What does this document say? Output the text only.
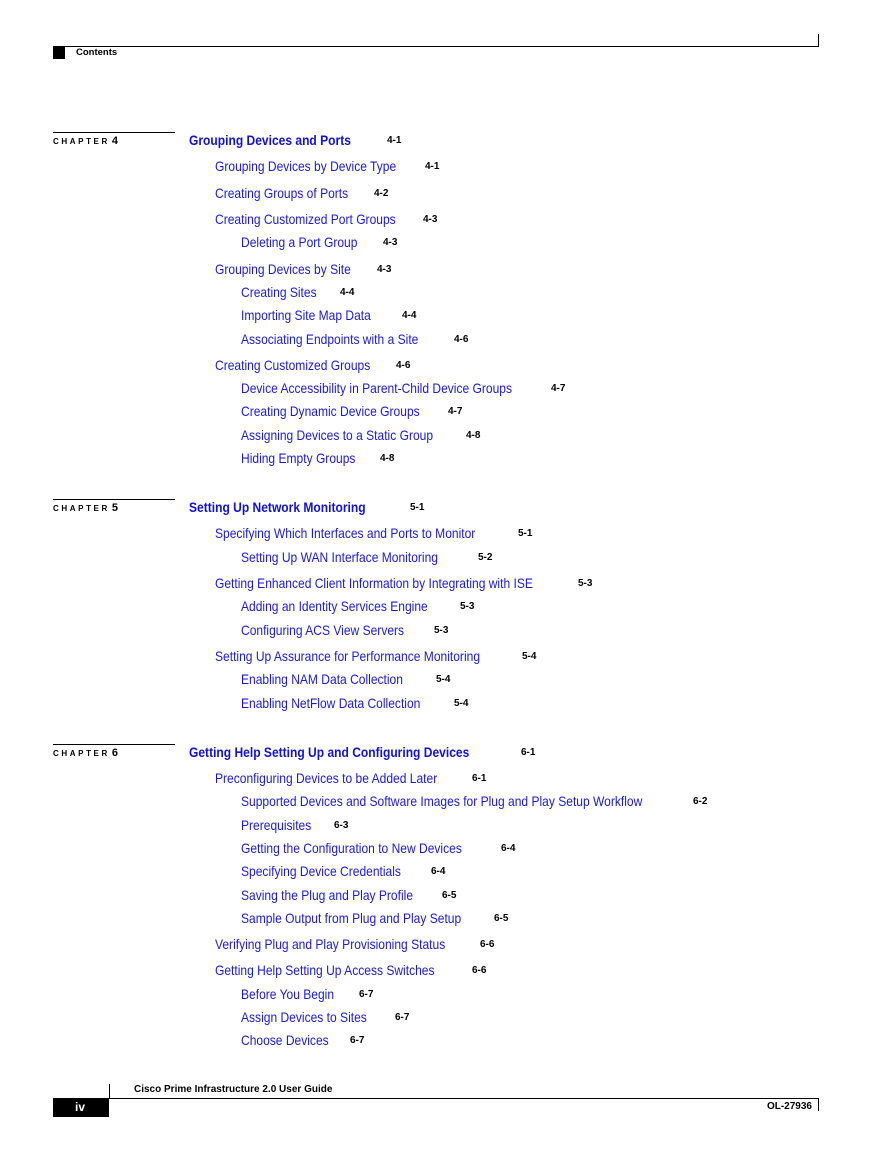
Contents
CHAPTER 4	Grouping Devices and Ports	4-1
Grouping Devices by Device Type	4-1
Creating Groups of Ports	4-2
Creating Customized Port Groups	4-3
Deleting a Port Group	4-3
Grouping Devices by Site	4-3
Creating Sites 4-4
Importing Site Map Data	4-4
Associating Endpoints with a Site	4-6
Creating Customized Groups	4-6
Device Accessibility in Parent-Child Device Groups	4-7
Creating Dynamic Device Groups	4-7
Assigning Devices to a Static Group	4-8
Hiding Empty Groups 4-8
CHAPTER 5	Setting Up Network Monitoring	5-1
Specifying Which Interfaces and Ports to Monitor	5-1
Setting Up WAN Interface Monitoring	5-2
Getting Enhanced Client Information by Integrating with ISE	5-3
Adding an Identity Services Engine	5-3
Configuring ACS View Servers	5-3
Setting Up Assurance for Performance Monitoring	5-4
Enabling NAM Data Collection	5-4
Enabling NetFlow Data Collection	5-4
CHAPTER 6	Getting Help Setting Up and Configuring Devices	6-1
Preconfiguring Devices to be Added Later	6-1
Supported Devices and Software Images for Plug and Play Setup Workflow	6-2
Prerequisites 6-3
Getting the Configuration to New Devices	6-4
Specifying Device Credentials	6-4
Saving the Plug and Play Profile	6-5
Sample Output from Plug and Play Setup	6-5
Verifying Plug and Play Provisioning Status	6-6
Getting Help Setting Up Access Switches	6-6
Before You Begin 6-7
Assign Devices to Sites	6-7
Choose Devices 6-7
Cisco Prime Infrastructure 2.0 User Guide
iv	OL-27936
